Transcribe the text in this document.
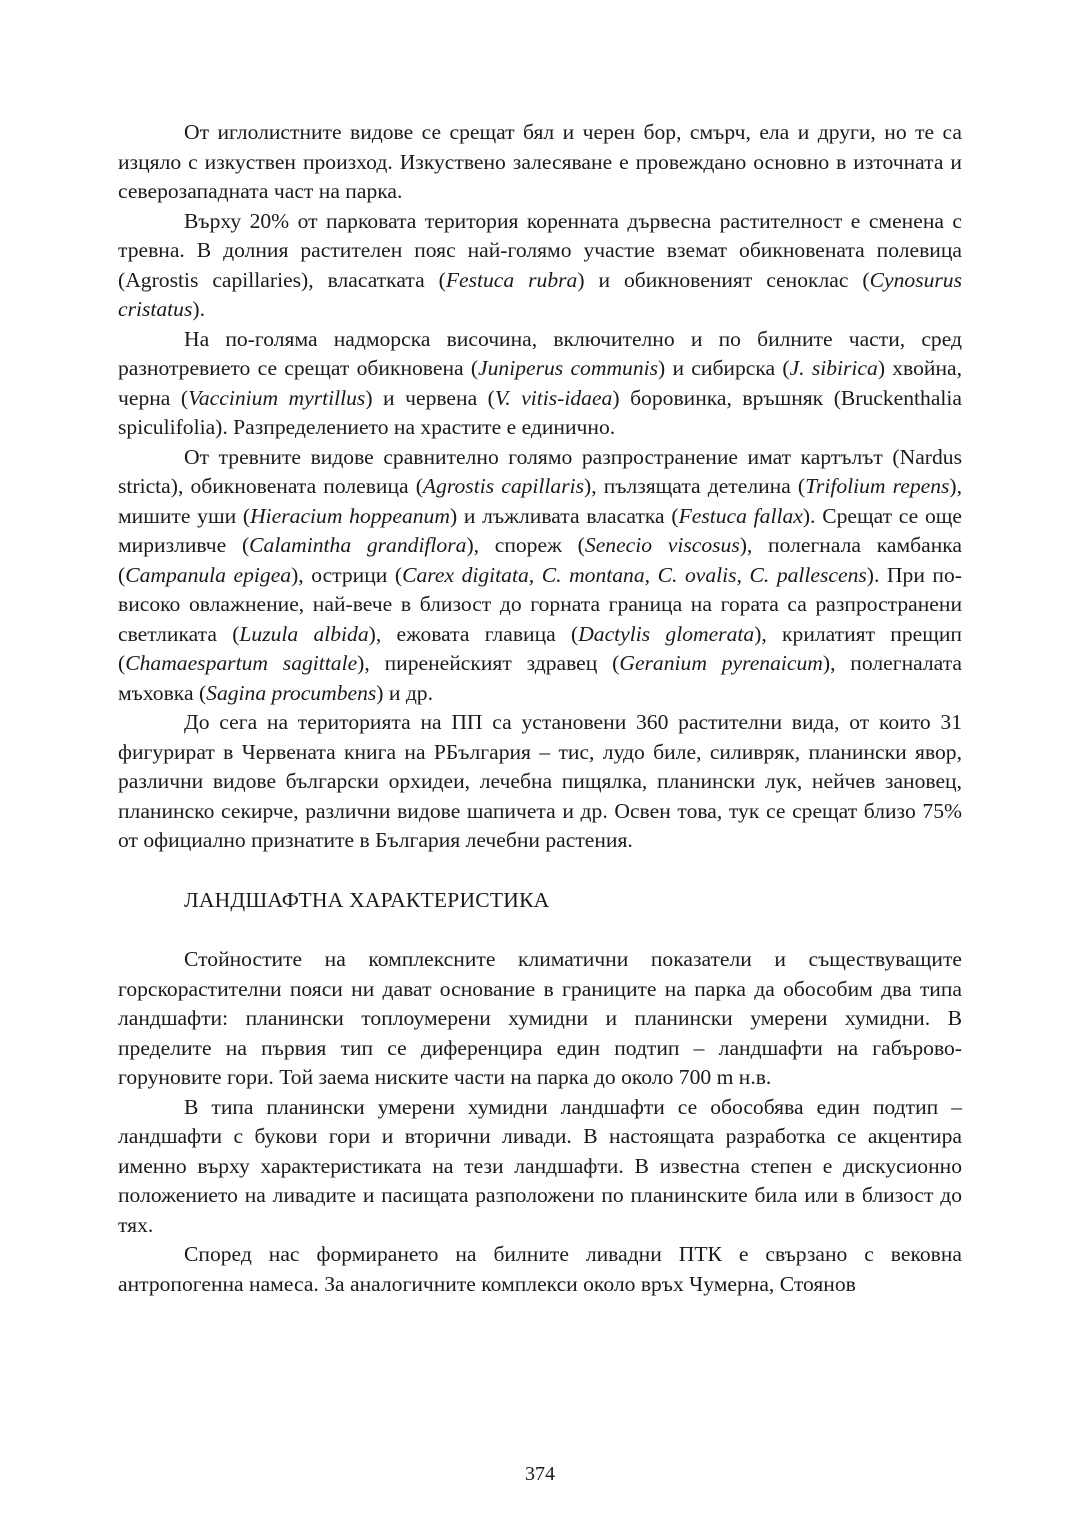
От иглолистните видове се срещат бял и черен бор, смърч, ела и други, но те са изцяло с изкуствен произход. Изкуствено залесяване е провеждано основно в източната и северозападната част на парка.

Върху 20% от парковата територия коренната дървесна растителност е сменена с тревна. В долния растителен пояс най-голямо участие вземат обикновената полевица (Agrostis capillaries), власатката (Festuca rubra) и обикновеният сеноклас (Cynosurus cristatus).

На по-голяма надморска височина, включително и по билните части, сред разнотревието се срещат обикновена (Juniperus communis) и сибирска (J. sibirica) хвойна, черна (Vaccinium myrtillus) и червена (V. vitis-idaea) боровинка, връшняк (Bruckenthalia spiculifolia). Разпределението на храстите е единично.

От тревните видове сравнително голямо разпространение имат картълът (Nardus stricta), обикновената полевица (Agrostis capillaris), пълзящата детелина (Trifolium repens), мишите уши (Hieracium hoppeanum) и лъжливата власатка (Festuca fallax). Срещат се още миризливче (Calamintha grandiflora), спореж (Senecio viscosus), полегнала камбанка (Campanula epigea), острици (Carex digitata, C. montana, C. ovalis, C. pallescens). При по-високо овлажнение, най-вече в близост до горната граница на гората са разпространени светликата (Luzula albida), ежовата главица (Dactylis glomerata), крилатият прещип (Chamaespartum sagittale), пиренейският здравец (Geranium pyrenaicum), полегналата мъховка (Sagina procumbens) и др.

До сега на територията на ПП са установени 360 растителни вида, от които 31 фигурират в Червената книга на РБългария – тис, лудо биле, силивряк, планински явор, различни видове български орхидеи, лечебна пищялка, планински лук, нейчев зановец, планинско секирче, различни видове шапичета и др. Освен това, тук се срещат близо 75% от официално признатите в България лечебни растения.

ЛАНДШАФТНА ХАРАКТЕРИСТИКА

Стойностите на комплексните климатични показатели и съществуващите горскорастителни пояси ни дават основание в границите на парка да обособим два типа ландшафти: планински топлоумерени хумидни и планински умерени хумидни. В пределите на първия тип се диференцира един подтип – ландшафти на габърово-горуновите гори. Той заема ниските части на парка до около 700 m н.в.

В типа планински умерени хумидни ландшафти се обособява един подтип – ландшафти с букови гори и вторични ливади. В настоящата разработка се акцентира именно върху характеристиката на тези ландшафти. В известна степен е дискусионно положението на ливадите и пасищата разположени по планинските била или в близост до тях.

Според нас формирането на билните ливадни ПТК е свързано с вековна антропогенна намеса. За аналогичните комплекси около връх Чумерна, Стоянов

374
